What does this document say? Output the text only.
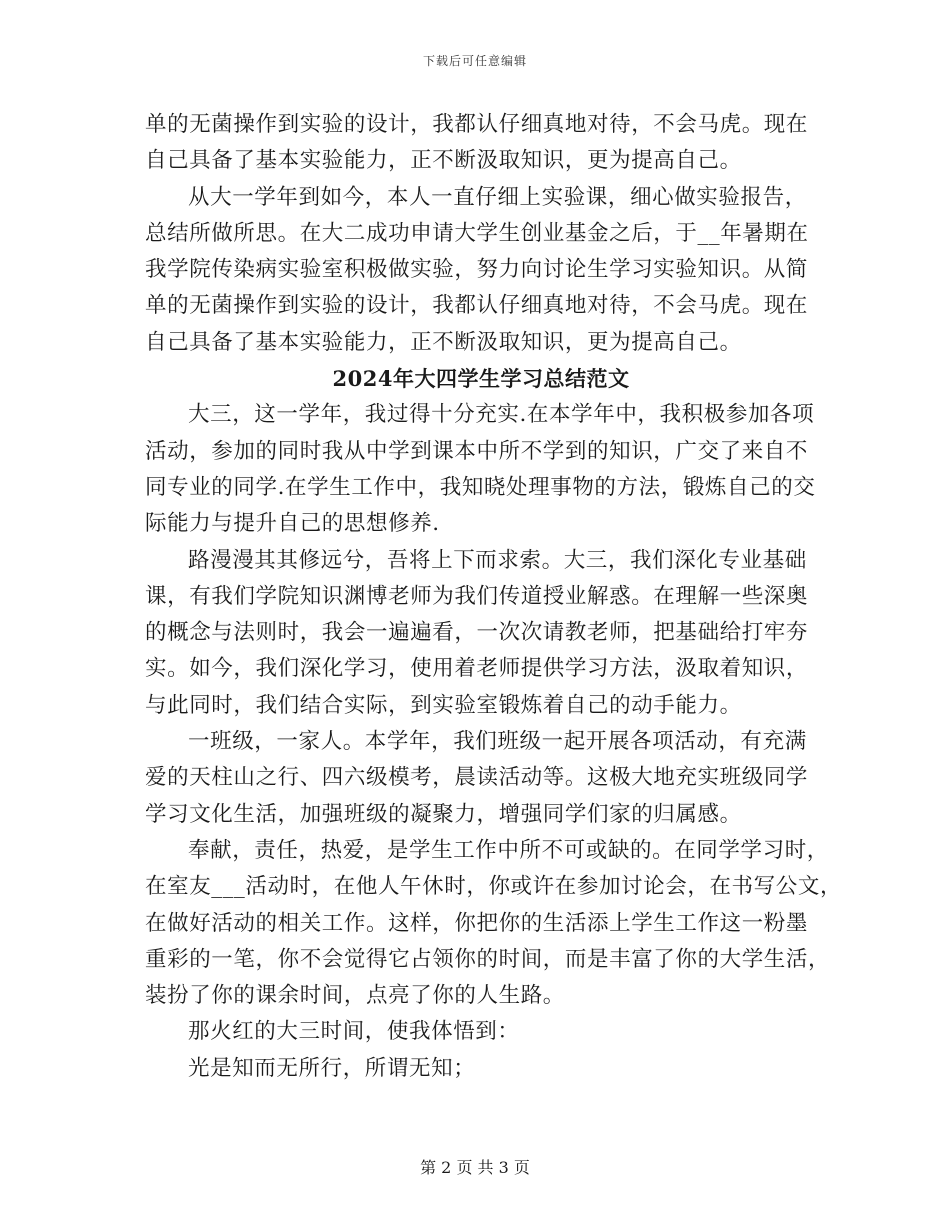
下载后可任意编辑
单的无菌操作到实验的设计，我都认仔细真地对待，不会马虎。现在
自己具备了基本实验能力，正不断汲取知识，更为提高自己。
从大一学年到如今，本人一直仔细上实验课，细心做实验报告，
总结所做所思。在大二成功申请大学生创业基金之后，于__年暑期在
我学院传染病实验室积极做实验，努力向讨论生学习实验知识。从简
单的无菌操作到实验的设计，我都认仔细真地对待，不会马虎。现在
自己具备了基本实验能力，正不断汲取知识，更为提高自己。
2024年大四学生学习总结范文
大三，这一学年，我过得十分充实.在本学年中，我积极参加各项
活动，参加的同时我从中学到课本中所不学到的知识，广交了来自不
同专业的同学.在学生工作中，我知晓处理事物的方法，锻炼自己的交
际能力与提升自己的思想修养.
路漫漫其其修远兮，吾将上下而求索。大三，我们深化专业基础
课，有我们学院知识渊博老师为我们传道授业解惑。在理解一些深奥
的概念与法则时，我会一遍遍看，一次次请教老师，把基础给打牢夯
实。如今，我们深化学习，使用着老师提供学习方法，汲取着知识，
与此同时，我们结合实际，到实验室锻炼着自己的动手能力。
一班级，一家人。本学年，我们班级一起开展各项活动，有充满
爱的天柱山之行、四六级模考，晨读活动等。这极大地充实班级同学
学习文化生活，加强班级的凝聚力，增强同学们家的归属感。
奉献，责任，热爱，是学生工作中所不可或缺的。在同学学习时，
在室友___活动时，在他人午休时，你或许在参加讨论会，在书写公文，
在做好活动的相关工作。这样，你把你的生活添上学生工作这一粉墨
重彩的一笔，你不会觉得它占领你的时间，而是丰富了你的大学生活，
装扮了你的课余时间，点亮了你的人生路。
那火红的大三时间，使我体悟到：
光是知而无所行，所谓无知；
第 2 页 共 3 页
